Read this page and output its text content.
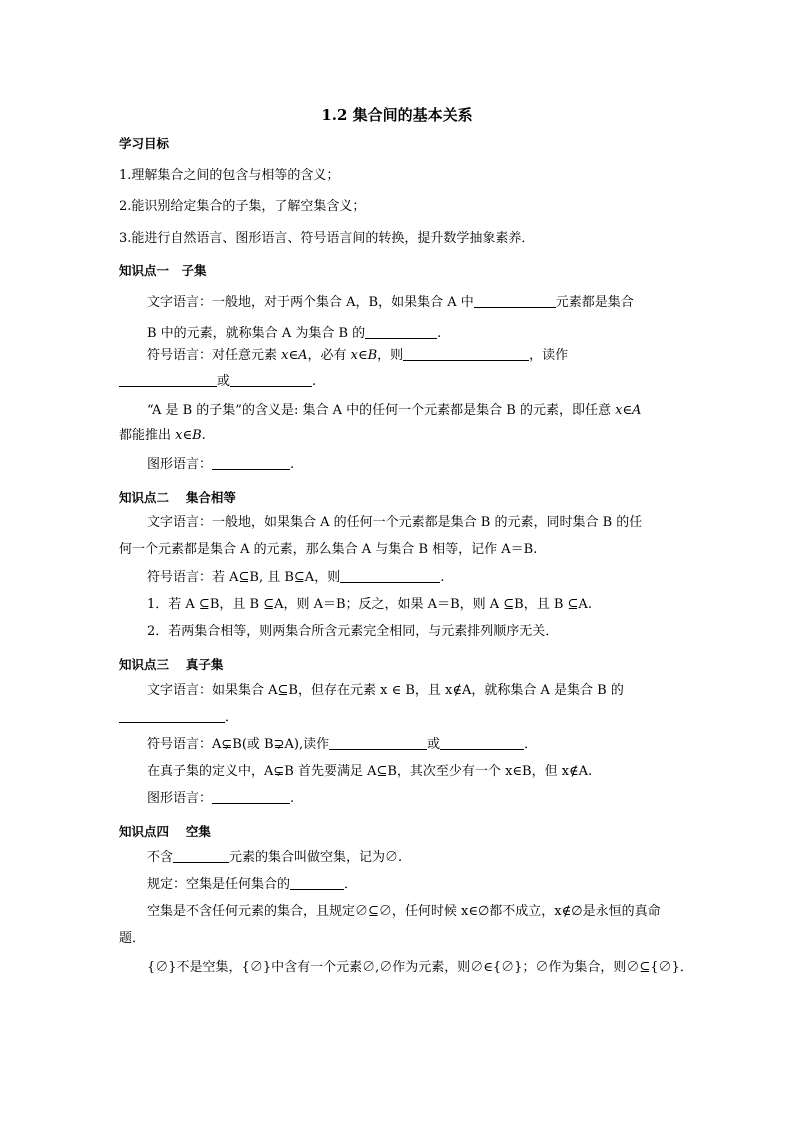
1.2 集合间的基本关系
学习目标
1.理解集合之间的包含与相等的含义；
2.能识别给定集合的子集，了解空集含义；
3.能进行自然语言、图形语言、符号语言间的转换，提升数学抽象素养．
知识点一　子集
文字语言：一般地，对于两个集合 A，B，如果集合 A 中	元素都是集合
B 中的元素，就称集合 A 为集合 B 的	.
符号语言：对任意元素 x∈A，必有 x∈B，则	，读作
或	.
“A 是 B 的子集”的含义是: 集合 A 中的任何一个元素都是集合 B 的元素，即任意 x∈A
都能推出 x∈B.
图形语言：	.
知识点二　 集合相等
文字语言：一般地，如果集合 A 的任何一个元素都是集合 B 的元素，同时集合 B 的任
何一个元素都是集合 A 的元素，那么集合 A 与集合 B 相等，记作 A＝B.
符号语言：若 A⊆B, 且 B⊆A，则	.
1．若 A ⊆B，且 B ⊆A，则 A＝B；反之，如果 A＝B，则 A ⊆B，且 B ⊆A.
2．若两集合相等，则两集合所含元素完全相同，与元素排列顺序无关．
知识点三　 真子集
文字语言：如果集合 A⊆B，但存在元素 x ∈ B，且 x∉A，就称集合 A 是集合 B 的
．
符号语言：A⊊B(或 B⊋A),读作	或	．
在真子集的定义中，A⊊B 首先要满足 A⊆B，其次至少有一个 x∈B，但 x∉A.
图形语言：	.
知识点四　 空集
不含	元素的集合叫做空集，记为∅.
规定：空集是任何集合的	．
空集是不含任何元素的集合，且规定∅⊆∅，任何时候 x∈∅都不成立，x∉∅是永恒的真命
题．
{∅}不是空集，{∅}中含有一个元素∅,∅作为元素，则∅∈{∅}；∅作为集合，则∅⊆{∅}．
